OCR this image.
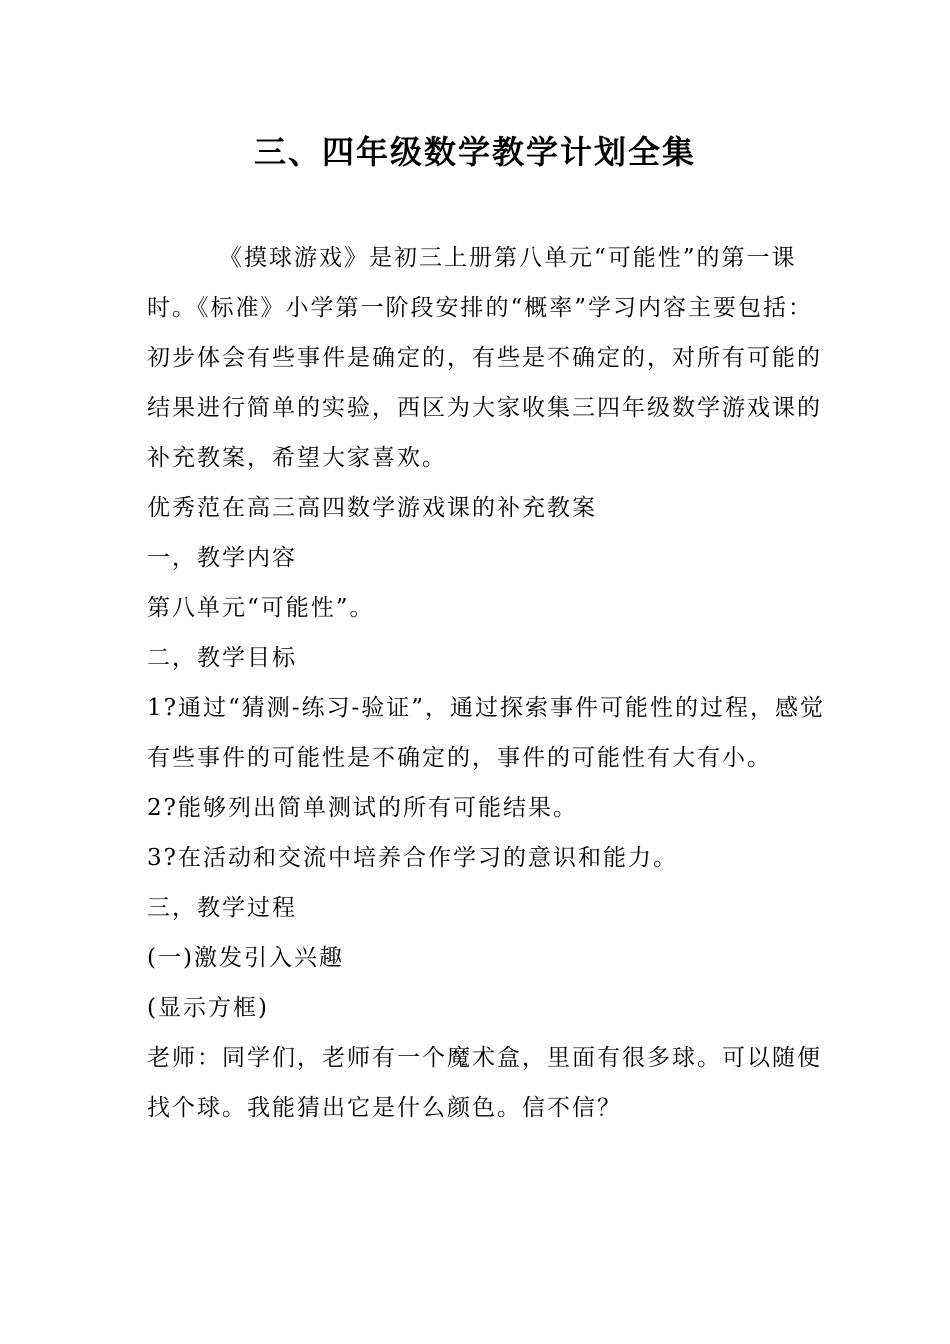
三、四年级数学教学计划全集

《摸球游戏》是初三上册第八单元“可能性”的第一课时。《标准》小学第一阶段安排的“概率”学习内容主要包括：初步体会有些事件是确定的，有些是不确定的，对所有可能的结果进行简单的实验，西区为大家收集三四年级数学游戏课的补充教案，希望大家喜欢。

优秀范在高三高四数学游戏课的补充教案

一，教学内容

第八单元“可能性”。

二，教学目标

1?通过“猜测-练习-验证”，通过探索事件可能性的过程，感觉有些事件的可能性是不确定的，事件的可能性有大有小。

2?能够列出简单测试的所有可能结果。

3?在活动和交流中培养合作学习的意识和能力。

三，教学过程

(一)激发引入兴趣

(显示方框)

老师：同学们，老师有一个魔术盒，里面有很多球。可以随便找个球。我能猜出它是什么颜色。信不信？
